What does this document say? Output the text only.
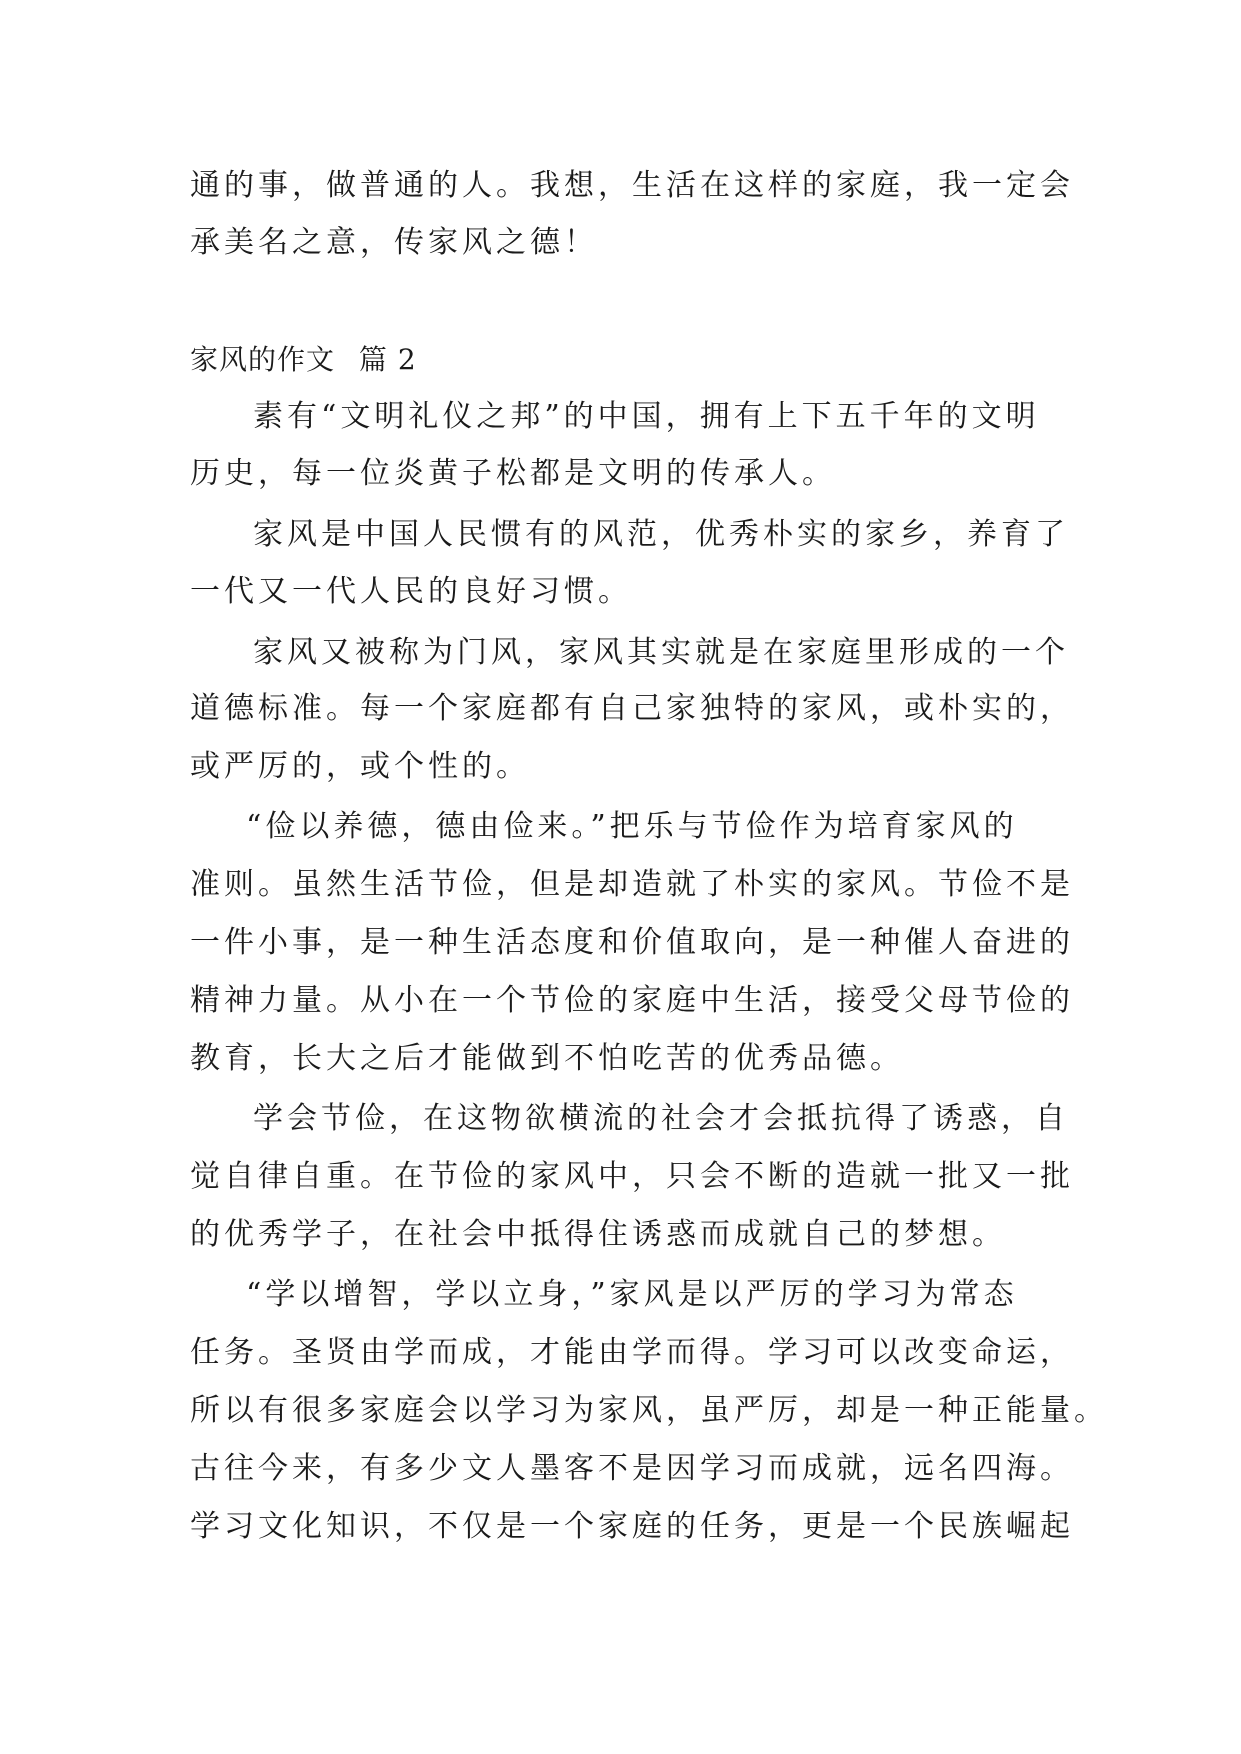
通的事，做普通的人。我想，生活在这样的家庭，我一定会
承美名之意，传家风之德！
家风的作文 篇 2
素有“文明礼仪之邦”的中国，拥有上下五千年的文明
历史，每一位炎黄子松都是文明的传承人。
家风是中国人民惯有的风范，优秀朴实的家乡，养育了
一代又一代人民的良好习惯。
家风又被称为门风，家风其实就是在家庭里形成的一个
道德标准。每一个家庭都有自己家独特的家风，或朴实的，
或严厉的，或个性的。
“俭以养德，德由俭来。”把乐与节俭作为培育家风的
准则。虽然生活节俭，但是却造就了朴实的家风。节俭不是
一件小事，是一种生活态度和价值取向，是一种催人奋进的
精神力量。从小在一个节俭的家庭中生活，接受父母节俭的
教育，长大之后才能做到不怕吃苦的优秀品德。
学会节俭，在这物欲横流的社会才会抵抗得了诱惑，自
觉自律自重。在节俭的家风中，只会不断的造就一批又一批
的优秀学子，在社会中抵得住诱惑而成就自己的梦想。
“学以增智，学以立身，”家风是以严厉的学习为常态
任务。圣贤由学而成，才能由学而得。学习可以改变命运，
所以有很多家庭会以学习为家风，虽严厉，却是一种正能量。
古往今来，有多少文人墨客不是因学习而成就，远名四海。
学习文化知识，不仅是一个家庭的任务，更是一个民族崛起
